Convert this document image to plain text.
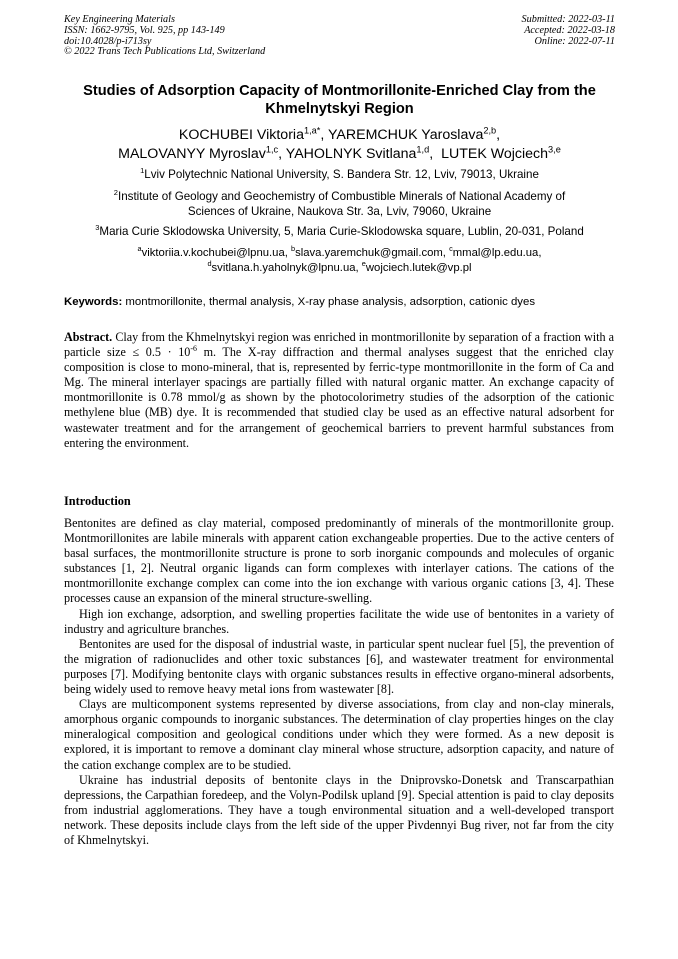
Key Engineering Materials
ISSN: 1662-9795, Vol. 925, pp 143-149
doi:10.4028/p-i713sy
© 2022 Trans Tech Publications Ltd, Switzerland
Submitted: 2022-03-11
Accepted: 2022-03-18
Online: 2022-07-11
Studies of Adsorption Capacity of Montmorillonite-Enriched Clay from the Khmelnytskyi Region
KOCHUBEI Viktoria$^{1,a*}$, YAREMCHUK Yaroslava$^{2,b}$,
MALOVANYY Myroslav$^{1,c}$, YAHOLNYK Svitlana$^{1,d}$,  LUTEK Wojciech$^{3,e}$
$^1$Lviv Polytechnic National University, S. Bandera Str. 12, Lviv, 79013, Ukraine
$^2$Institute of Geology and Geochemistry of Combustible Minerals of National Academy of
Sciences of Ukraine, Naukova Str. 3a, Lviv, 79060, Ukraine
$^3$Maria Curie Sklodowska University, 5, Maria Curie-Sklodowska square, Lublin, 20-031, Poland
$^a$viktoriia.v.kochubei@lpnu.ua, $^b$slava.yaremchuk@gmail.com, $^c$mmal@lp.edu.ua,
$^d$svitlana.h.yaholnyk@lpnu.ua, $^e$wojciech.lutek@vp.pl
Keywords: montmorillonite, thermal analysis, X-ray phase analysis, adsorption, cationic dyes
Abstract. Clay from the Khmelnytskyi region was enriched in montmorillonite by separation of a fraction with a particle size ≤ $0.5 \cdot 10^{-6}$ m. The X-ray diffraction and thermal analyses suggest that the enriched clay composition is close to mono-mineral, that is, represented by ferric-type montmorillonite in the form of Ca and Mg. The mineral interlayer spacings are partially filled with natural organic matter. An exchange capacity of montmorillonite is 0.78 mmol/g as shown by the photocolorimetry studies of the adsorption of the cationic methylene blue (MB) dye. It is recommended that studied clay be used as an effective natural adsorbent for wastewater treatment and for the arrangement of geochemical barriers to prevent harmful substances from entering the environment.
Introduction

Bentonites are defined as clay material, composed predominantly of minerals of the montmorillonite group. Montmorillonites are labile minerals with apparent cation exchangeable properties. Due to the active centers of basal surfaces, the montmorillonite structure is prone to sorb inorganic compounds and molecules of organic substances [1, 2]. Neutral organic ligands can form complexes with interlayer cations. The cations of the montmorillonite exchange complex can come into the ion exchange with various organic cations [3, 4]. These processes cause an expansion of the mineral structure-swelling.

High ion exchange, adsorption, and swelling properties facilitate the wide use of bentonites in a variety of industry and agriculture branches.

Bentonites are used for the disposal of industrial waste, in particular spent nuclear fuel [5], the prevention of the migration of radionuclides and other toxic substances [6], and wastewater treatment for environmental purposes [7]. Modifying bentonite clays with organic substances results in effective organo-mineral adsorbents, being widely used to remove heavy metal ions from wastewater [8].

Clays are multicomponent systems represented by diverse associations, from clay and non-clay minerals, amorphous organic compounds to inorganic substances. The determination of clay properties hinges on the clay mineralogical composition and geological conditions under which they were formed. As a new deposit is explored, it is important to remove a dominant clay mineral whose structure, adsorption capacity, and nature of the cation exchange complex are to be studied.

Ukraine has industrial deposits of bentonite clays in the Dniprovsko-Donetsk and Transcarpathian depressions, the Carpathian foredeep, and the Volyn-Podilsk upland [9]. Special attention is paid to clay deposits from industrial agglomerations. They have a tough environmental situation and a well-developed transport network. These deposits include clays from the left side of the upper Pivdennyi Bug river, not far from the city of Khmelnytskyi.
